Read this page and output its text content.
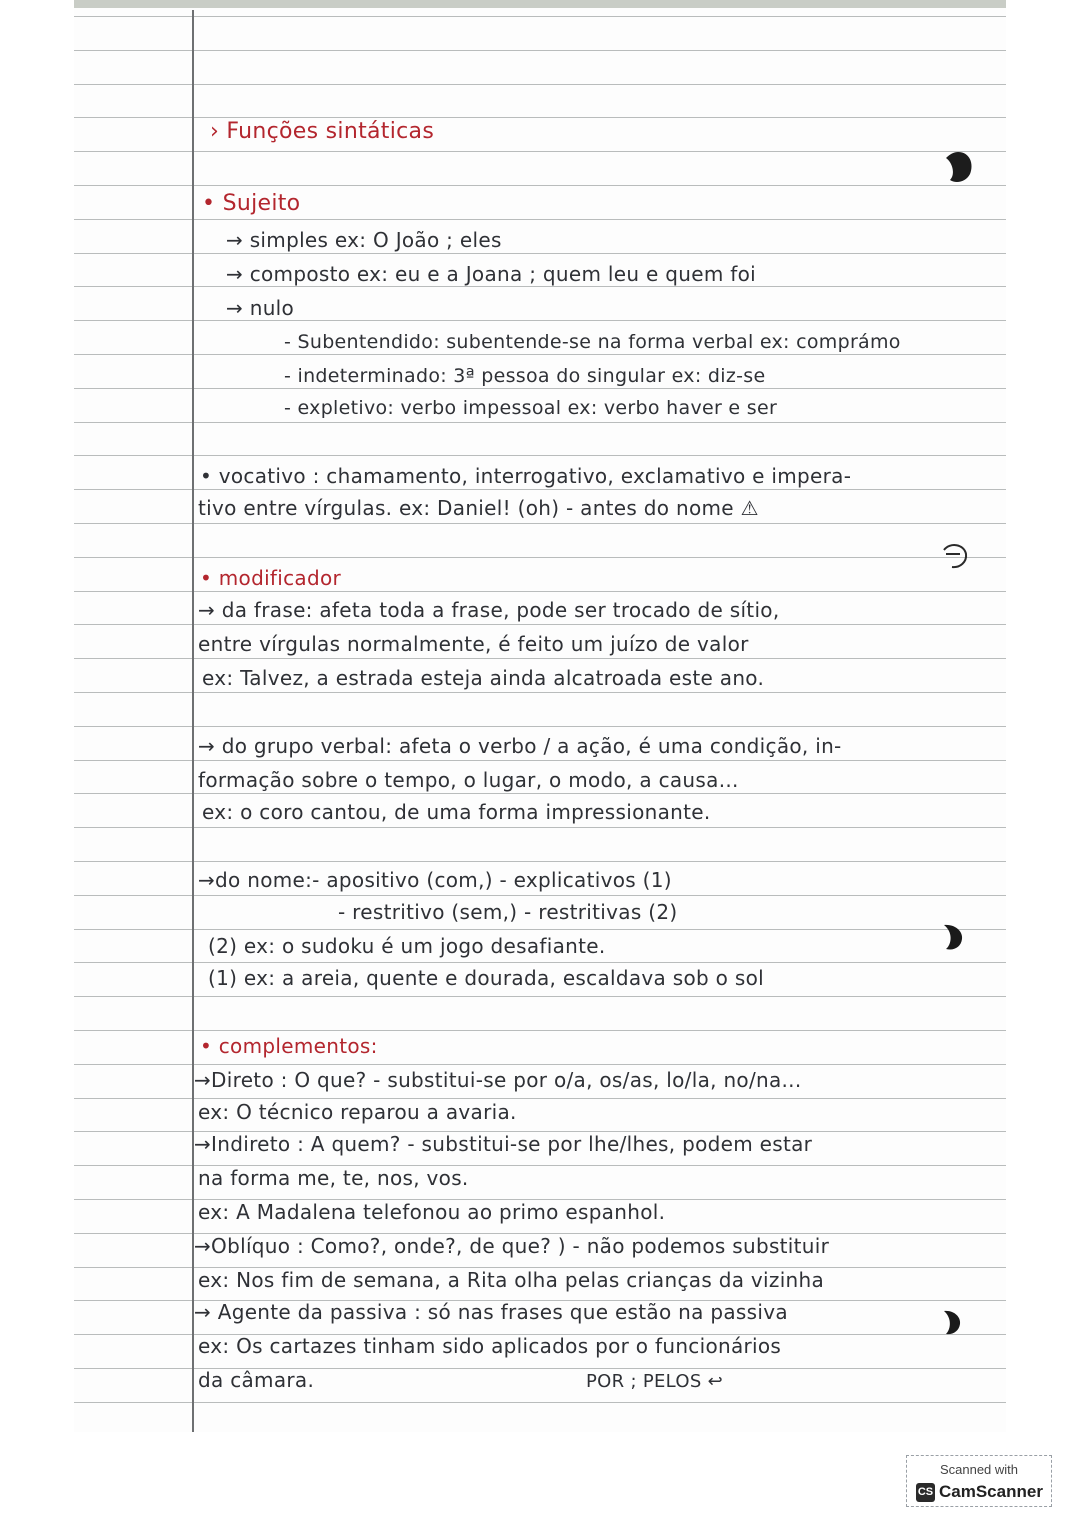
› Funções sintáticas
• Sujeito
→ simples ex: O João ; eles
→ composto ex: eu e a Joana ; quem leu e quem foi
→ nulo
- Subentendido: subentende-se na forma verbal ex: comprámo
- indeterminado: 3ª pessoa do singular ex: diz-se
- expletivo: verbo impessoal ex: verbo haver e ser
• vocativo : chamamento, interrogativo, exclamativo e impera-
tivo entre vírgulas. ex: Daniel! (oh) - antes do nome ⚠
• modificador
→ da frase: afeta toda a frase, pode ser trocado de sítio,
entre vírgulas normalmente, é feito um juízo de valor
ex: Talvez, a estrada esteja ainda alcatroada este ano.
→ do grupo verbal: afeta o verbo / a ação, é uma condição, in-
formação sobre o tempo, o lugar, o modo, a causa...
ex: o coro cantou, de uma forma impressionante.
→do nome:- apositivo (com,) - explicativos (1)
- restritivo (sem,) - restritivas (2)
(2) ex: o sudoku é um jogo desafiante.
(1) ex: a areia, quente e dourada, escaldava sob o sol
• complementos:
→Direto : O que? - substitui-se por o/a, os/as, lo/la, no/na...
ex: O técnico reparou a avaria.
→Indireto : A quem? - substitui-se por lhe/lhes, podem estar
na forma me, te, nos, vos.
ex: A Madalena telefonou ao primo espanhol.
→Oblíquo : Como?, onde?, de que? ) - não podemos substituir
ex: Nos fim de semana, a Rita olha pelas crianças da vizinha
→ Agente da passiva : só nas frases que estão na passiva
ex: Os cartazes tinham sido aplicados por o funcionários
da câmara.	POR ; PELOS ↩
Scanned with
CS CamScanner
